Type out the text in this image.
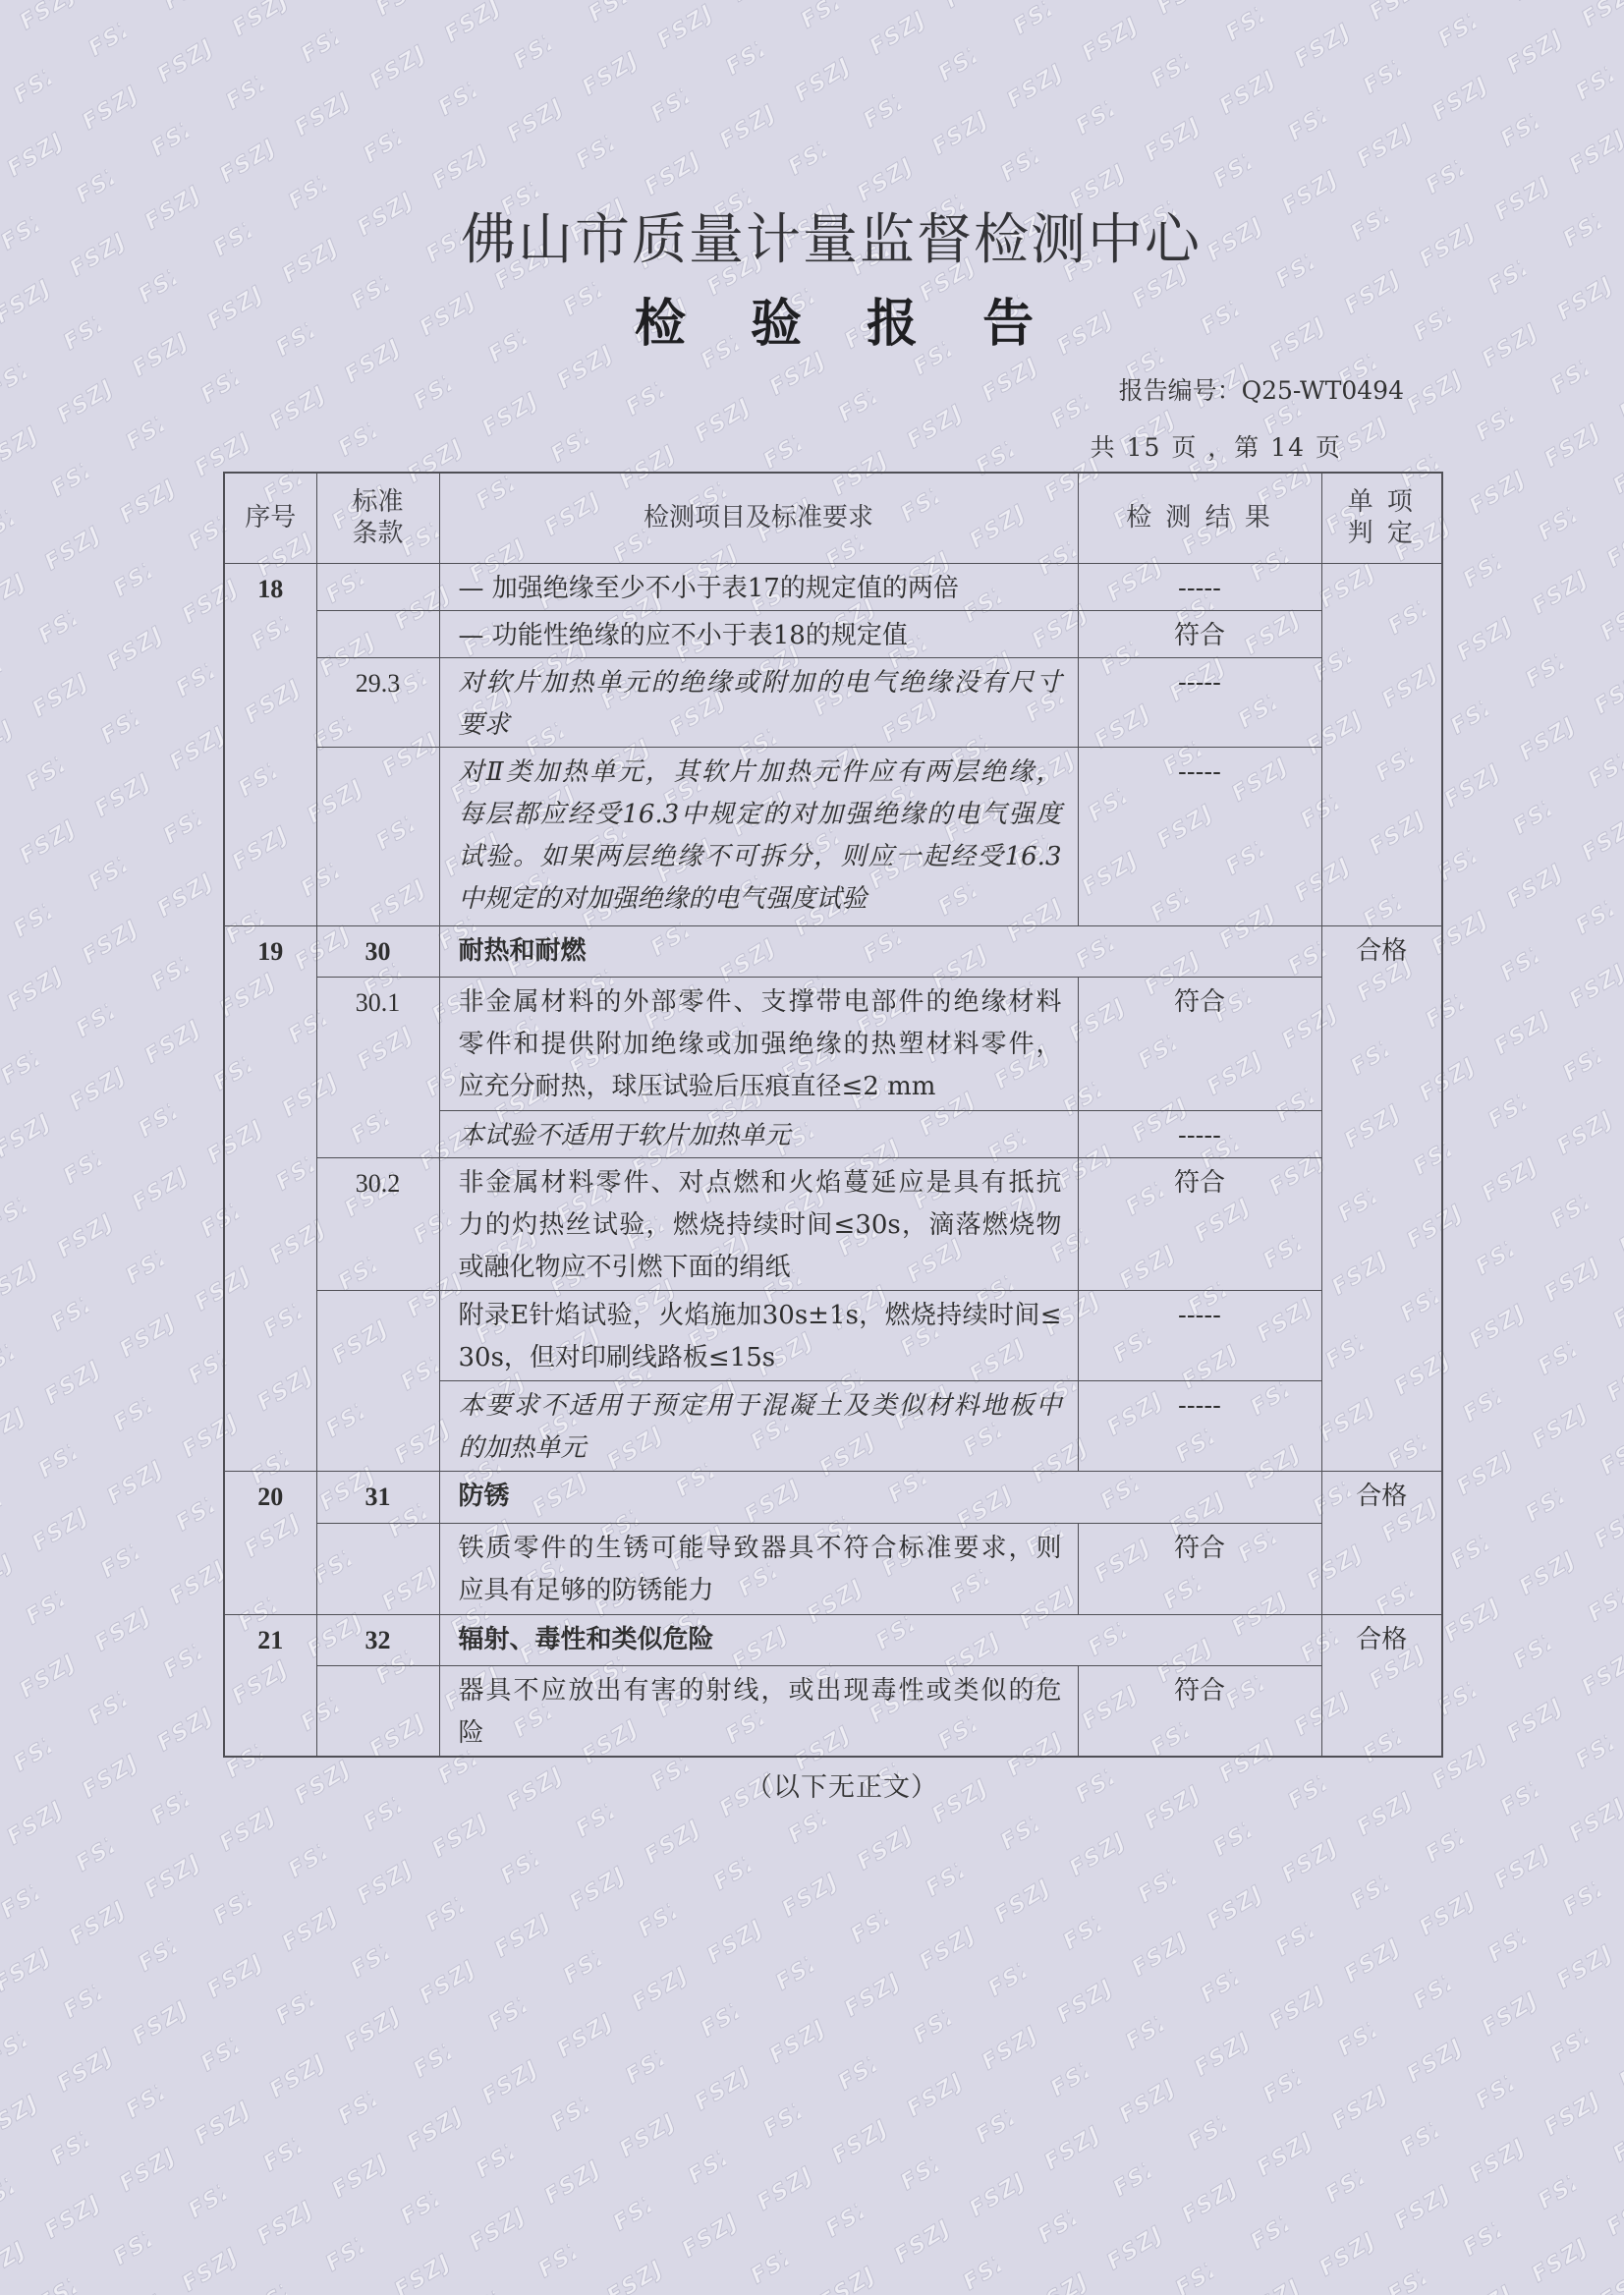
佛山市质量计量监督检测中心
检 验 报 告
报告编号：Q25-WT0494
共 15 页 ，第 14 页
序号	标准
条款	检测项目及标准要求	检 测 结 果	单 项
判 定

18		— 加强绝缘至少不小于表17的规定值的两倍	-----	

		— 功能性绝缘的应不小于表18的规定值	符合	
	29.3	对软片加热单元的绝缘或附加的电气绝缘没有尺寸
要求	-----	

		对Ⅱ类加热单元，其软片加热元件应有两层绝缘，
每层都应经受16.3中规定的对加强绝缘的电气强度
试验。如果两层绝缘不可拆分，则应一起经受16.3
中规定的对加强绝缘的电气强度试验	-----	
19	30	耐热和耐燃		合格
	30.1	非金属材料的外部零件、支撑带电部件的绝缘材料
零件和提供附加绝缘或加强绝缘的热塑材料零件，
应充分耐热，球压试验后压痕直径≤2 mm	符合	

		本试验不适用于软片加热单元	-----	
	30.2	非金属材料零件、对点燃和火焰蔓延应是具有抵抗
力的灼热丝试验，燃烧持续时间≤30s，滴落燃烧物
或融化物应不引燃下面的绢纸	符合	

		附录E针焰试验，火焰施加30s±1s，燃烧持续时间≤
30s，但对印刷线路板≤15s	-----	

		本要求不适用于预定用于混凝土及类似材料地板中
的加热单元	-----	
20	31	防锈		合格

		铁质零件的生锈可能导致器具不符合标准要求，则
应具有足够的防锈能力	符合	
21	32	辐射、毒性和类似危险		合格

		器具不应放出有害的射线，或出现毒性或类似的危
险	符合	
（以下无正文）
